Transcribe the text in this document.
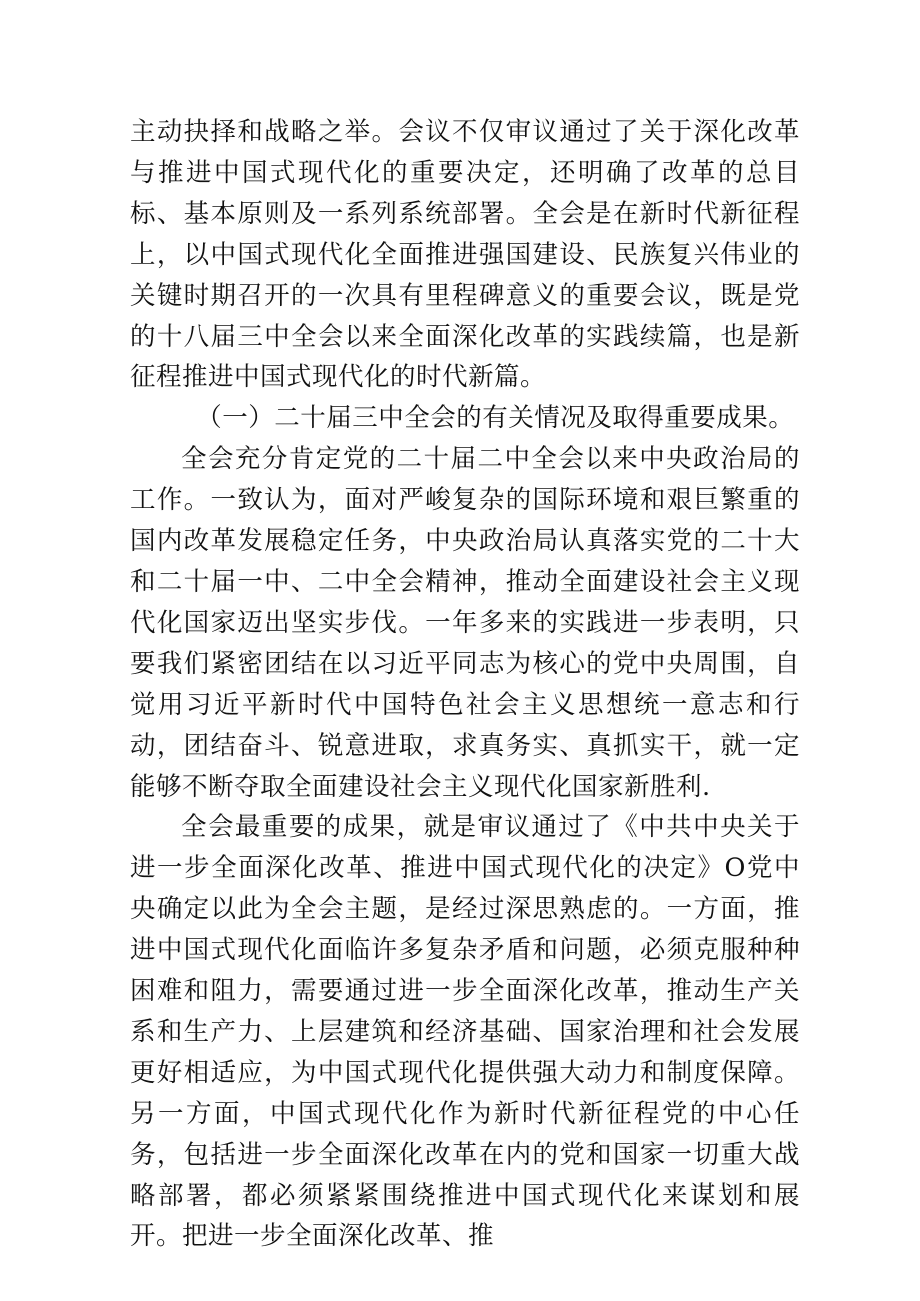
主动抉择和战略之举。会议不仅审议通过了关于深化改革与推进中国式现代化的重要决定，还明确了改革的总目标、基本原则及一系列系统部署。全会是在新时代新征程上，以中国式现代化全面推进强国建设、民族复兴伟业的关键时期召开的一次具有里程碑意义的重要会议，既是党的十八届三中全会以来全面深化改革的实践续篇，也是新征程推进中国式现代化的时代新篇。

（一）二十届三中全会的有关情况及取得重要成果。

全会充分肯定党的二十届二中全会以来中央政治局的工作。一致认为，面对严峻复杂的国际环境和艰巨繁重的国内改革发展稳定任务，中央政治局认真落实党的二十大和二十届一中、二中全会精神，推动全面建设社会主义现代化国家迈出坚实步伐。一年多来的实践进一步表明，只要我们紧密团结在以习近平同志为核心的党中央周围，自觉用习近平新时代中国特色社会主义思想统一意志和行动，团结奋斗、锐意进取，求真务实、真抓实干，就一定能够不断夺取全面建设社会主义现代化国家新胜利.

全会最重要的成果，就是审议通过了《中共中央关于进一步全面深化改革、推进中国式现代化的决定》O党中央确定以此为全会主题，是经过深思熟虑的。一方面，推进中国式现代化面临许多复杂矛盾和问题，必须克服种种困难和阻力，需要通过进一步全面深化改革，推动生产关系和生产力、上层建筑和经济基础、国家治理和社会发展更好相适应，为中国式现代化提供强大动力和制度保障。另一方面，中国式现代化作为新时代新征程党的中心任务，包括进一步全面深化改革在内的党和国家一切重大战略部署，都必须紧紧围绕推进中国式现代化来谋划和展开。把进一步全面深化改革、推
